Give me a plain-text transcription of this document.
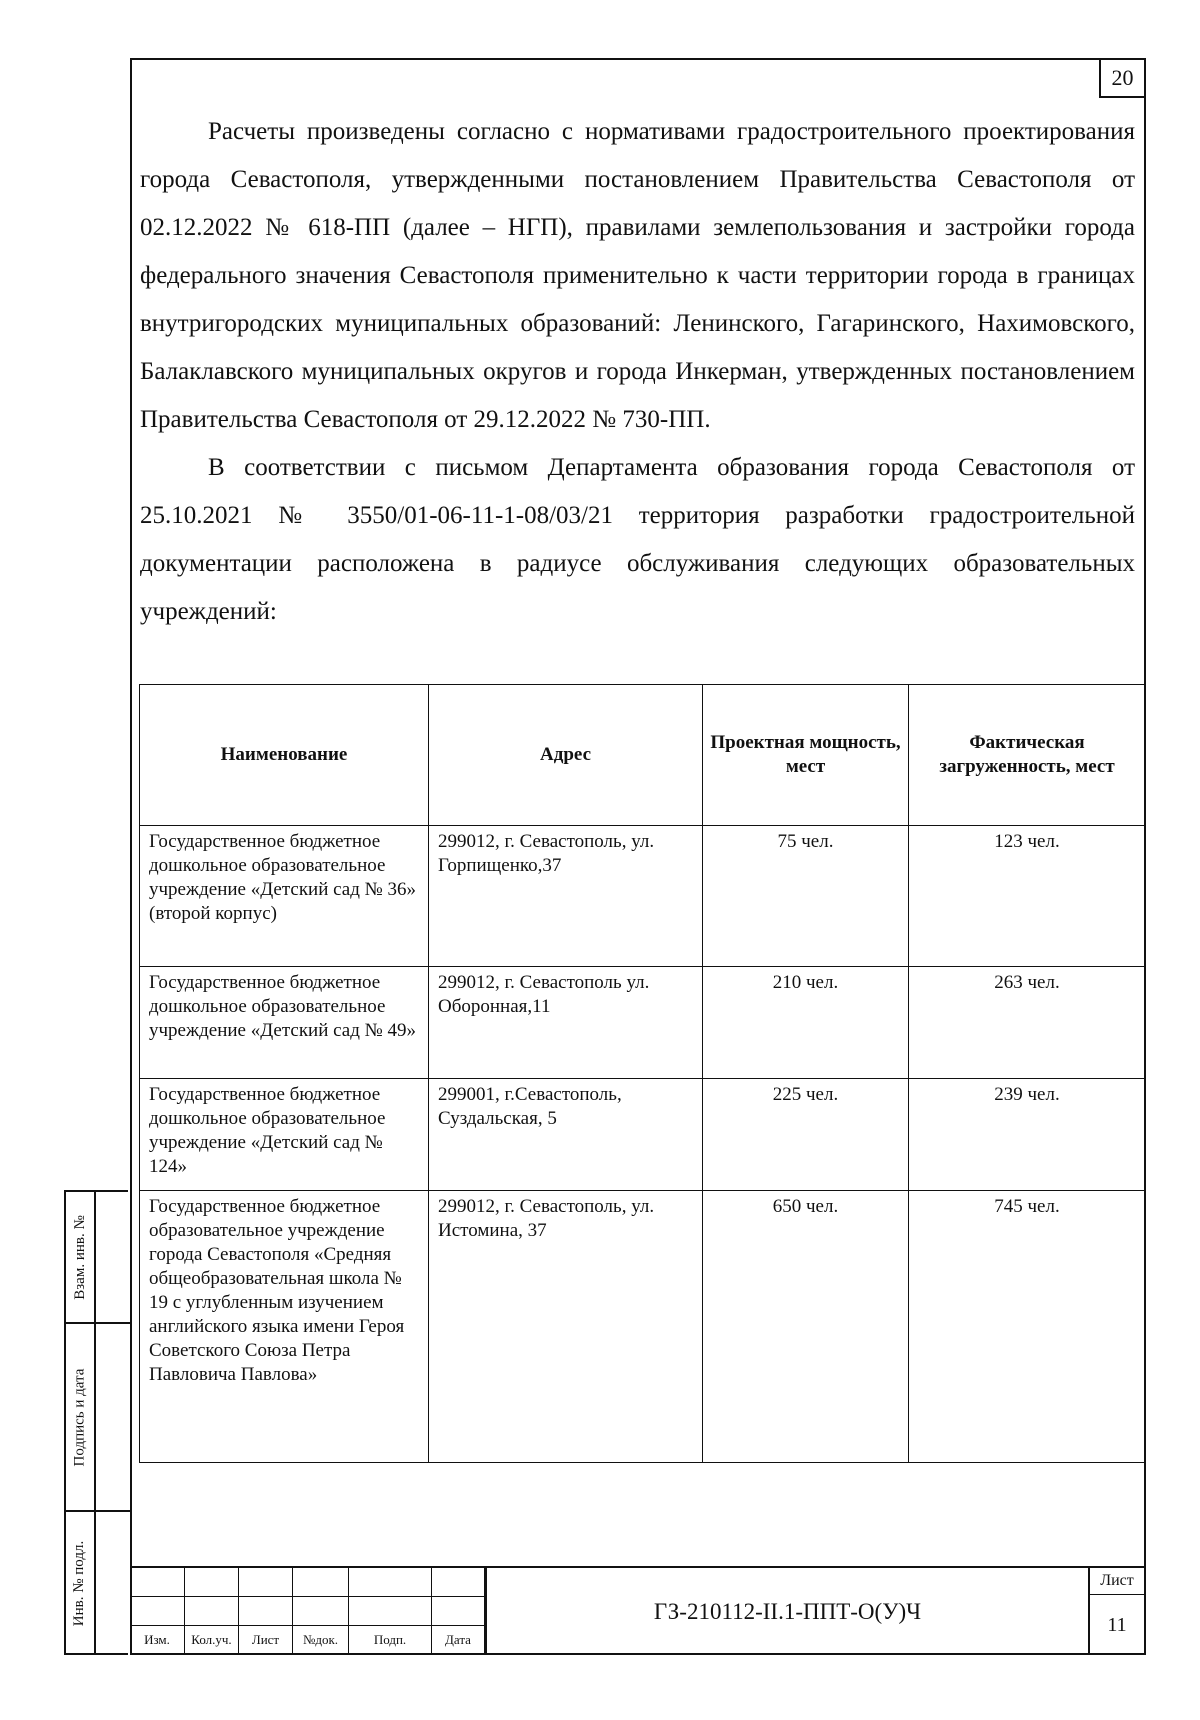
20

Расчеты произведены согласно с нормативами градостроительного проектирования города Севастополя, утвержденными постановлением Правительства Севастополя от 02.12.2022 № 618-ПП (далее – НГП), правилами землепользования и застройки города федерального значения Севастополя применительно к части территории города в границах внутригородских муниципальных образований: Ленинского, Гагаринского, Нахимовского, Балаклавского муниципальных округов и города Инкерман, утвержденных постановлением Правительства Севастополя от 29.12.2022 № 730-ПП.

В соответствии с письмом Департамента образования города Севастополя от 25.10.2021 № 3550/01-06-11-1-08/03/21 территория разработки градостроительной документации расположена в радиусе обслуживания следующих образовательных учреждений:

Наименование	Адрес	Проектная мощность, мест	Фактическая загруженность, мест
Государственное бюджетное дошкольное образовательное учреждение «Детский сад № 36» (второй корпус)	299012, г. Севастополь, ул. Горпищенко,37	75 чел.	123 чел.
Государственное бюджетное дошкольное образовательное учреждение «Детский сад № 49»	299012, г. Севастополь ул. Оборонная,11	210 чел.	263 чел.
Государственное бюджетное дошкольное образовательное учреждение «Детский сад № 124»	299001, г.Севастополь, Суздальская, 5	225 чел.	239 чел.
Государственное бюджетное образовательное учреждение города Севастополя «Средняя общеобразовательная школа № 19 с углубленным изучением английского языка имени Героя Советского Союза Петра Павловича Павлова»	299012, г. Севастополь, ул. Истомина, 37	650 чел.	745 чел.
Взам. инв. №
Подпись и дата
Инв. № подл.
Изм.	Кол.уч.	Лист	№док.	Подп.	Дата
ГЗ-210112-II.1-ППТ-О(У)Ч
Лист
11
